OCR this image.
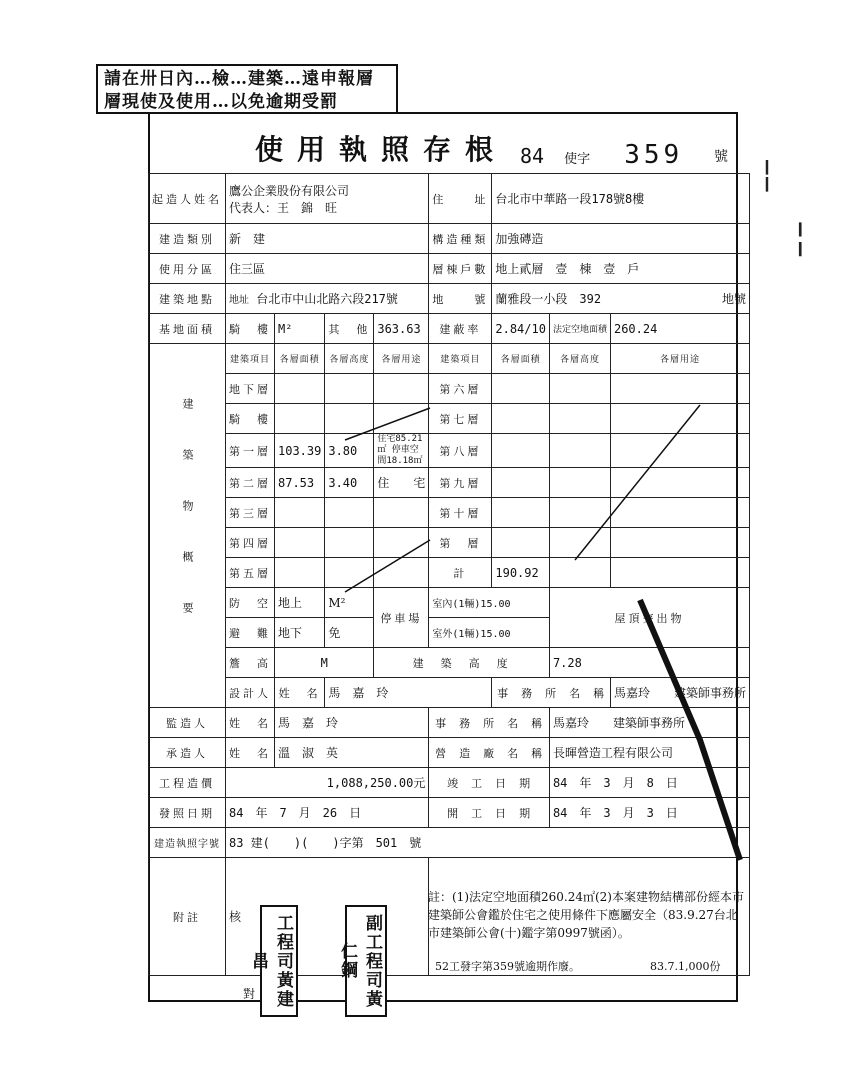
請在卅日內…檢…建築…遠申報層
層現使及使用…以免逾期受罰
使用執照存根 84 使字 359 號
起造人姓名	鷹公企業股份有限公司
代表人：王　錦　旺				住　　址	台北市中華路一段178號8樓		
建造類別	新　建				構造種類	加強磚造		
使用分區	住三區				層棟戶數	地上貳層　壹　棟　壹　戶		
建築地點	地址 台北市中山北路六段217號				地　　號	蘭雅段一小段　392 地號		

基地面積	騎　樓	M²	其　他	363.63	建蔽率	2.84/10	法定空地面積	260.24
建築物概要	建築項目	各層面積	各層高度	各層用途	建築項目	各層面積	各層高度	各層用途
	地下層				第六層			
	騎　樓				第七層			
	第一層	103.39	3.80	住宅85.21㎡ 停車空間18.18㎡	第八層			
	第二層	87.53	3.40	住　　宅	第九層			
	第三層				第十層			
	第四層				第　層			
	第五層				計	190.92		
	防　空	地上	M²	停車場	室內(1輛)15.00		屋頂突出物	
	避　難	地下	免		室外(1輛)15.00			
	簷　高	M		建　築　高　度			7.28	
	設計人	姓　名	馬　嘉　玲			事　務　所　名　稱		馬嘉玲　　建築師事務所
監造人	姓　名	馬　嘉　玲			事　務　所　名　稱		馬嘉玲　　建築師事務所	
承造人	姓　名	溫　淑　英			營　造　廠　名　稱		長暉營造工程有限公司	
工程造價	1,088,250.00元				竣　工　日　期		84　年　3　月　8　日	
發照日期	84　年　7　月　26　日				開　工　日　期		84　年　3　月　3　日	
建造執照字號	83 建(　　)(　　)字第　501　號							
附註	核							
註：(1)法定空地面積260.24㎡(2)本案建物結構部份經本市建築師公會鑑於住宅之使用條件下應屬安全（83.9.27台北市建築師公會(十)鑑字第0997號函）。
52工發字第359號逾期作廢。	83.7.1,000份
工程司黃建昌	副工程司黃仁鋼
對
￤
╎
